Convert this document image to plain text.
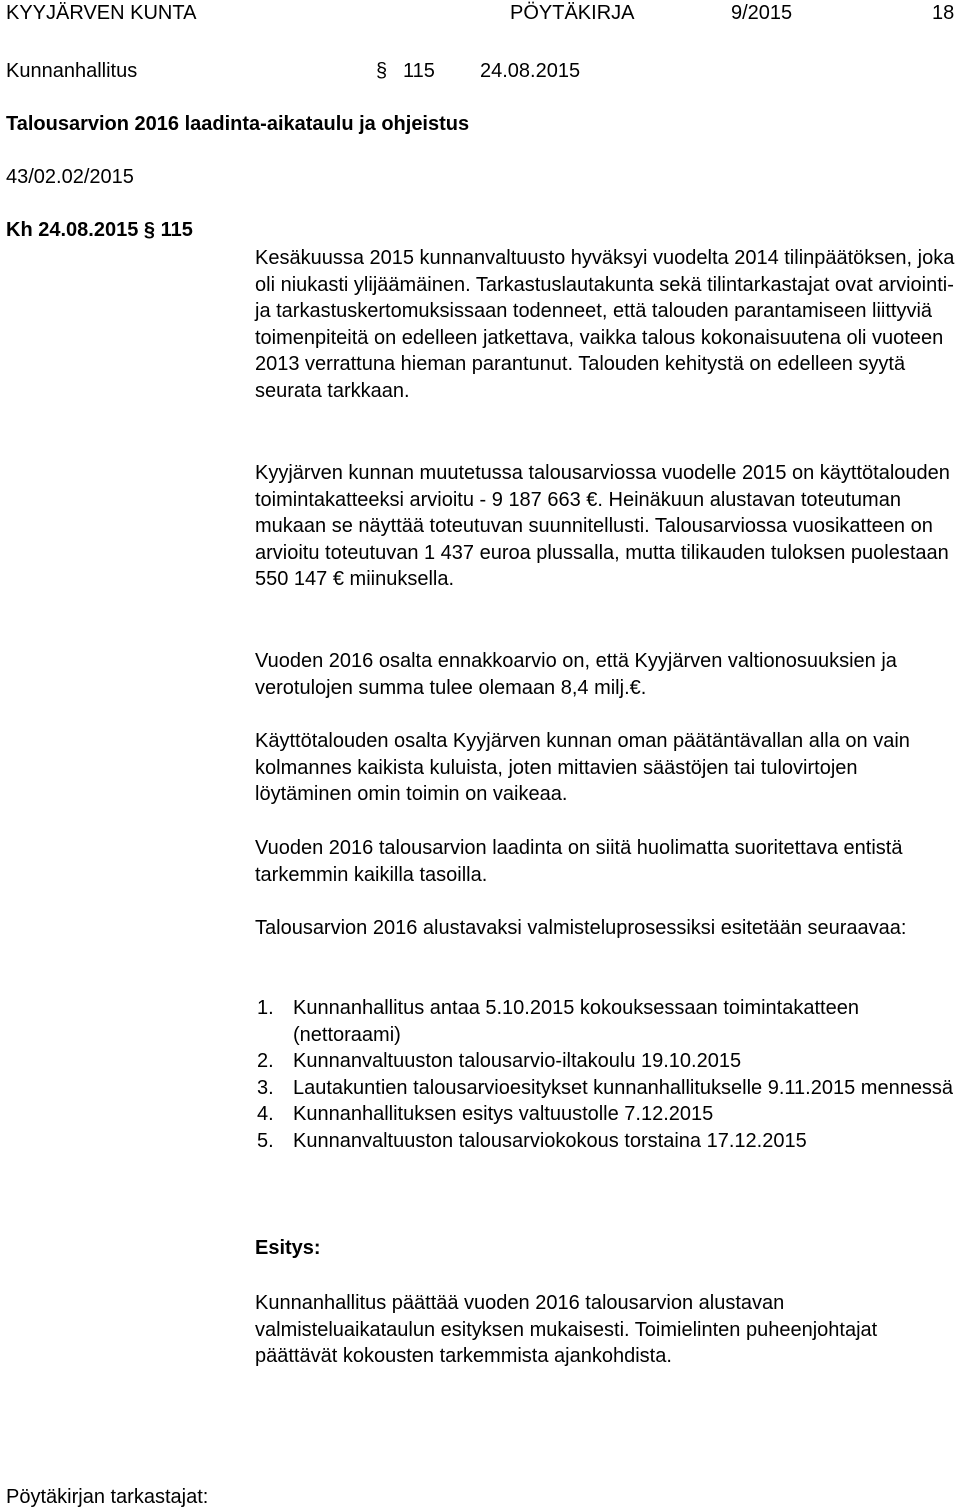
KYYJÄRVEN KUNTA	PÖYTÄKIRJA	9/2015	18
Kunnanhallitus	§ 115 24.08.2015
Talousarvion 2016 laadinta-aikataulu ja ohjeistus
43/02.02/2015
Kh 24.08.2015 § 115

Kesäkuussa 2015 kunnanvaltuusto hyväksyi vuodelta 2014 tilinpäätöksen, joka oli niukasti ylijäämäinen. Tarkastuslautakunta sekä tilintarkastajat ovat arviointi- ja tarkastuskertomuksissaan todenneet, että talouden parantamiseen liittyviä toimenpiteitä on edelleen jatkettava, vaikka talous kokonaisuutena oli vuoteen 2013 verrattuna hieman parantunut. Talouden kehitystä on edelleen syytä seurata tarkkaan.

Kyyjärven kunnan muutetussa talousarviossa vuodelle 2015 on käyttötalouden toimintakatteeksi arvioitu - 9 187 663 €. Heinäkuun alustavan toteutuman mukaan se näyttää toteutuvan suunnitellusti. Talousarviossa vuosikatteen on arvioitu toteutuvan 1 437 euroa plussalla, mutta tilikauden tuloksen puolestaan 550 147 € miinuksella.

Vuoden 2016 osalta ennakkoarvio on, että Kyyjärven valtionosuuksien ja verotulojen summa tulee olemaan 8,4 milj.€.

Käyttötalouden osalta Kyyjärven kunnan oman päätäntävallan alla on vain kolmannes kaikista kuluista, joten mittavien säästöjen tai tulovirtojen löytäminen omin toimin on vaikeaa.

Vuoden 2016 talousarvion laadinta on siitä huolimatta suoritettava entistä tarkemmin kaikilla tasoilla.

Talousarvion 2016 alustavaksi valmisteluprosessiksi esitetään seuraavaa:

1. Kunnanhallitus antaa 5.10.2015 kokouksessaan toimintakatteen (nettoraami)
2. Kunnanvaltuuston talousarvio-iltakoulu 19.10.2015
3. Lautakuntien talousarvioesitykset kunnanhallitukselle 9.11.2015 mennessä
4. Kunnanhallituksen esitys valtuustolle 7.12.2015
5. Kunnanvaltuuston talousarviokokous torstaina 17.12.2015
Esitys:

Kunnanhallitus päättää vuoden 2016 talousarvion alustavan valmisteluaikataulun esityksen mukaisesti. Toimielinten puheenjohtajat päättävät kokousten tarkemmista ajankohdista.

Pöytäkirjan tarkastajat:
